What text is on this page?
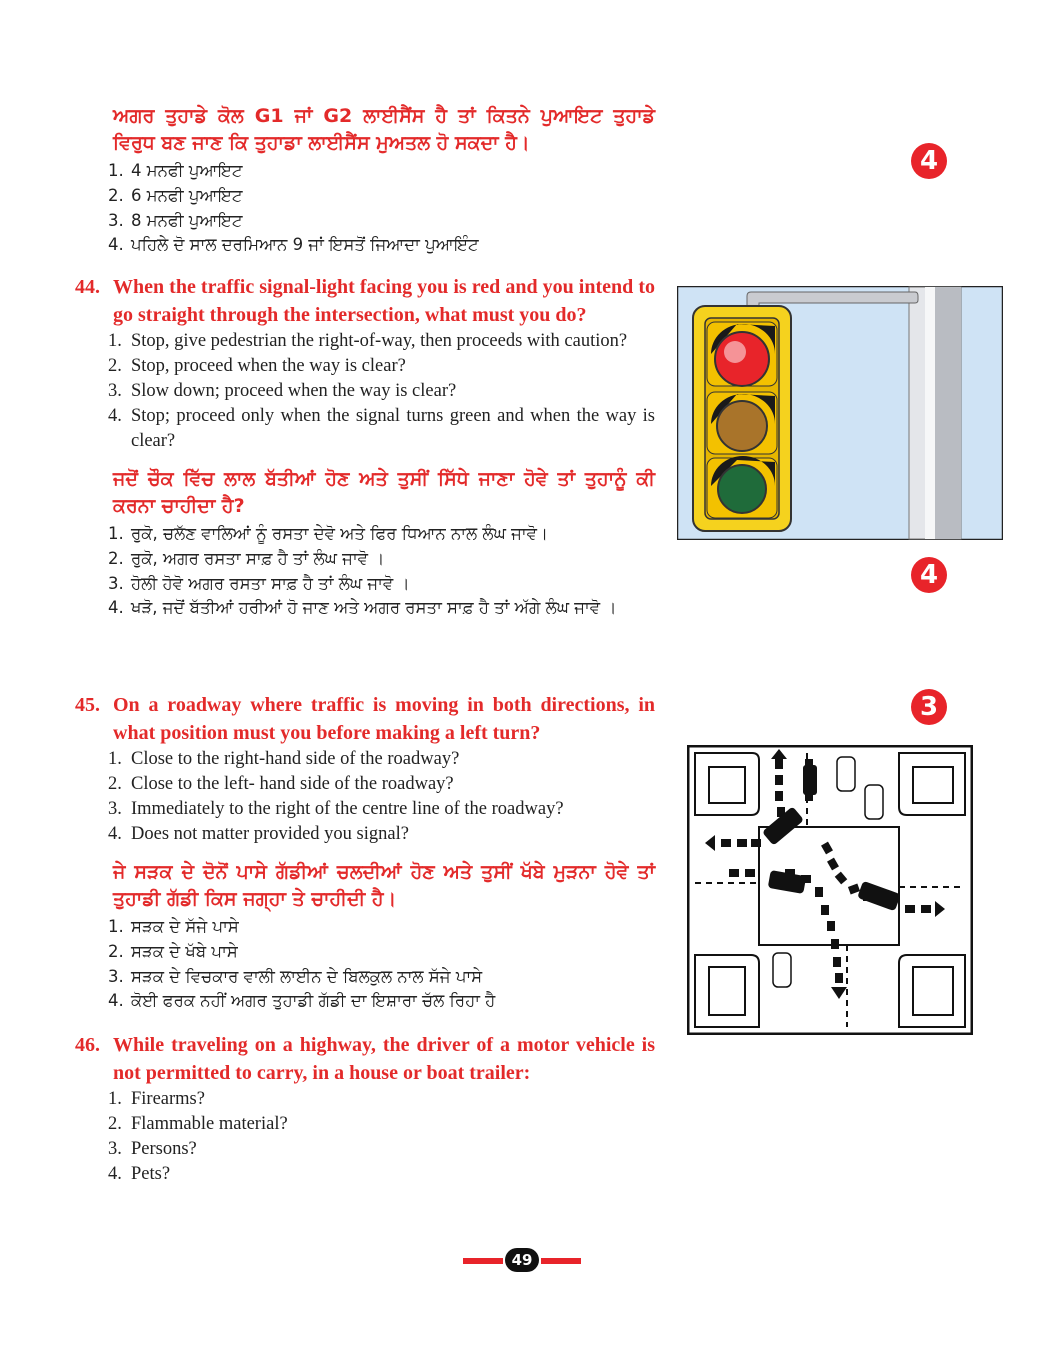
ਅਗਰ ਤੁਹਾਡੇ ਕੋਲ G1 ਜਾਂ G2 ਲਾਈਸੈਂਸ ਹੈ ਤਾਂ ਕਿਤਨੇ ਪੁਆਇਟ ਤੁਹਾਡੇ ਵਿਰੁਧ ਬਣ ਜਾਣ ਕਿ ਤੁਹਾਡਾ ਲਾਈਸੈਂਸ ਮੁਅਤਲ ਹੋ ਸਕਦਾ ਹੈ।
1. 4 ਮਨਫੀ ਪੁਆਇਟ
2. 6 ਮਨਫੀ ਪੁਆਇਟ
3. 8 ਮਨਫੀ ਪੁਆਇਟ
4. ਪਹਿਲੇ ਦੋ ਸਾਲ ਦਰਮਿਆਨ 9 ਜਾਂ ਇਸਤੋਂ ਜਿਆਦਾ ਪੁਆਇੰਟ
4
44. When the traffic signal-light facing you is red and you intend to go straight through the intersection, what must you do?
1. Stop, give pedestrian the right-of-way, then proceeds with caution?
2. Stop, proceed when the way is clear?
3. Slow down; proceed when the way is clear?
4. Stop; proceed only when the signal turns green and when the way is clear?
ਜਦੋਂ ਚੌਕ ਵਿੱਚ ਲਾਲ ਬੱਤੀਆਂ ਹੋਣ ਅਤੇ ਤੁਸੀਂ ਸਿੱਧੇ ਜਾਣਾ ਹੋਵੇ ਤਾਂ ਤੁਹਾਨੂੰ ਕੀ ਕਰਨਾ ਚਾਹੀਦਾ ਹੈ?
1. ਰੁਕੋ, ਚਲੱਣ ਵਾਲਿਆਂ ਨੂੰ ਰਸਤਾ ਦੇਵੋ ਅਤੇ ਫਿਰ ਧਿਆਨ ਨਾਲ ਲੰਘ ਜਾਵੋ।
2. ਰੁਕੋ, ਅਗਰ ਰਸਤਾ ਸਾਫ਼ ਹੈ ਤਾਂ ਲੰਘ ਜਾਵੋ ।
3. ਹੋਲੀ ਹੋਵੋ ਅਗਰ ਰਸਤਾ ਸਾਫ਼ ਹੈ ਤਾਂ ਲੰਘ ਜਾਵੋ ।
4. ਖੜੋ, ਜਦੋਂ ਬੱਤੀਆਂ ਹਰੀਆਂ ਹੋ ਜਾਣ ਅਤੇ ਅਗਰ ਰਸਤਾ ਸਾਫ਼ ਹੈ ਤਾਂ ਅੱਗੇ ਲੰਘ ਜਾਵੋ ।
4
45. On a roadway where traffic is moving in both directions, in what position must you before making a left turn?
1. Close to the right-hand side of the roadway?
2. Close to the left- hand side of the roadway?
3. Immediately to the right of the centre line of the roadway?
4. Does not matter provided you signal?
ਜੇ ਸੜਕ ਦੇ ਦੋਨੋਂ ਪਾਸੇ ਗੱਡੀਆਂ ਚਲਦੀਆਂ ਹੋਣ ਅਤੇ ਤੁਸੀਂ ਖੱਬੇ ਮੁੜਨਾ ਹੋਵੇ ਤਾਂ ਤੁਹਾਡੀ ਗੱਡੀ ਕਿਸ ਜਗ੍ਹਾ ਤੇ ਚਾਹੀਦੀ ਹੈ।
1. ਸੜਕ ਦੇ ਸੱਜੇ ਪਾਸੇ
2. ਸੜਕ ਦੇ ਖੱਬੇ ਪਾਸੇ
3. ਸੜਕ ਦੇ ਵਿਚਕਾਰ ਵਾਲੀ ਲਾਈਨ ਦੇ ਬਿਲਕੁਲ ਨਾਲ ਸੱਜੇ ਪਾਸੇ
4. ਕੋਈ ਫਰਕ ਨਹੀਂ ਅਗਰ ਤੁਹਾਡੀ ਗੱਡੀ ਦਾ ਇਸ਼ਾਰਾ ਚੱਲ ਰਿਹਾ ਹੈ
3
46. While traveling on a highway, the driver of a motor vehicle is not permitted to carry, in a house or boat trailer:
1. Firearms?
2. Flammable material?
3. Persons?
4. Pets?
49
